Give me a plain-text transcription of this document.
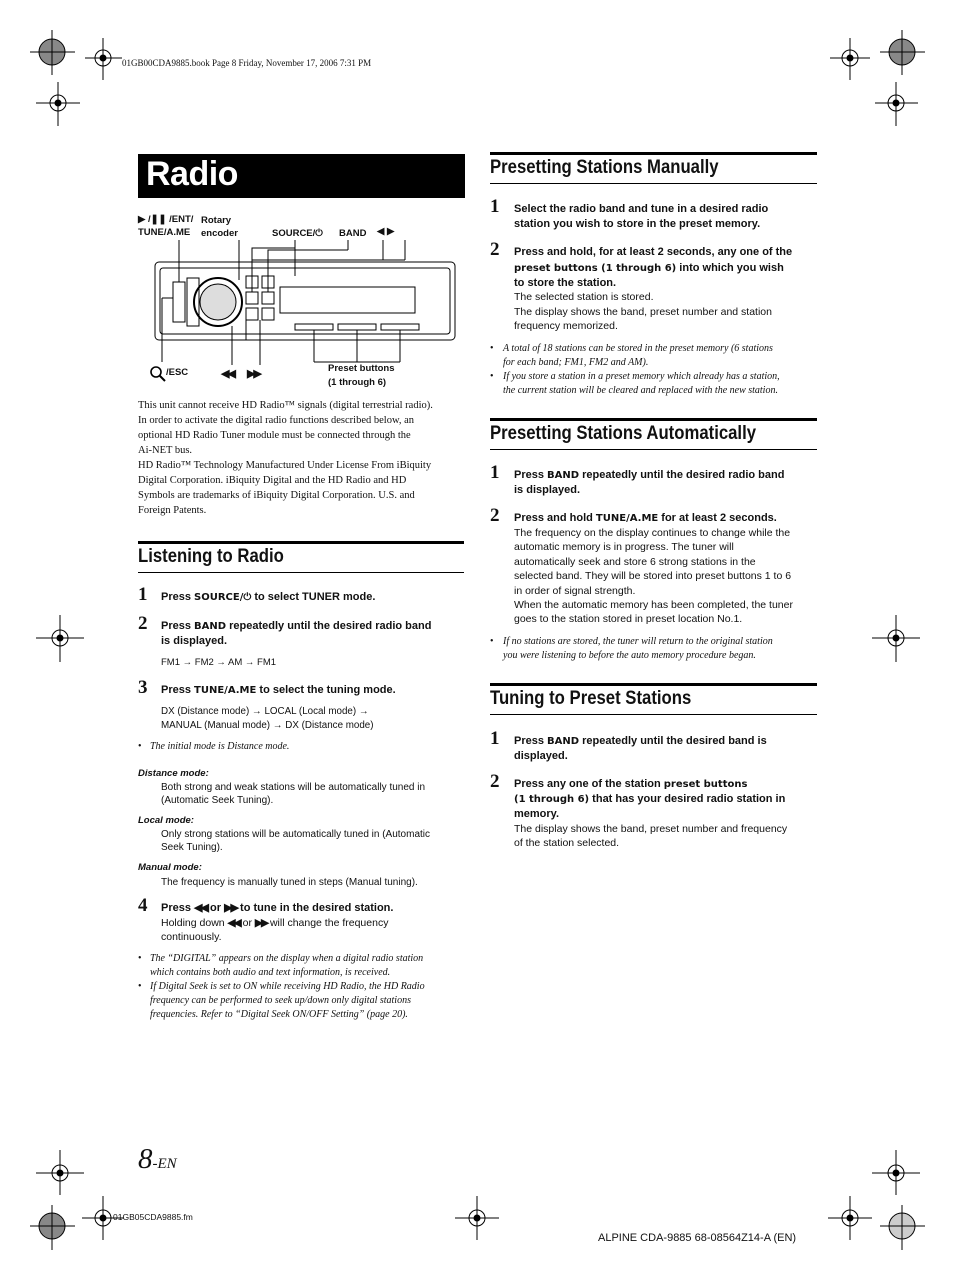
01GB00CDA9885.book Page 8 Friday, November 17, 2006 7:31 PM
Radio
▶ /❚❚ /ENT/
TUNE/A.ME
Rotary encoder	SOURCE/⏻ BAND ◀ ▶
/ESC	◀◀ ▶▶	Preset buttons
(1 through 6)
This unit cannot receive HD Radio™ signals (digital terrestrial radio).
In order to activate the digital radio functions described below, an
optional HD Radio Tuner module must be connected through the
Ai-NET bus.
HD Radio™ Technology Manufactured Under License From iBiquity
Digital Corporation. iBiquity Digital and the HD Radio and HD
Symbols are trademarks of iBiquity Digital Corporation. U.S. and
Foreign Patents.
Listening to Radio
1 Press SOURCE/⏻ to select TUNER mode.
2 Press BAND repeatedly until the desired radio band
is displayed.
FM1 → FM2 → AM → FM1
3 Press TUNE/A.ME to select the tuning mode.
DX (Distance mode) → LOCAL (Local mode) →
MANUAL (Manual mode) → DX (Distance mode)
• The initial mode is Distance mode.
Distance mode:
Both strong and weak stations will be automatically tuned in
(Automatic Seek Tuning).
Local mode:
Only strong stations will be automatically tuned in (Automatic
Seek Tuning).
Manual mode:
The frequency is manually tuned in steps (Manual tuning).
4 Press ◀◀ or ▶▶ to tune in the desired station.
Holding down ◀◀ or ▶▶ will change the frequency
continuously.
• The “DIGITAL” appears on the display when a digital radio station
which contains both audio and text information, is received.
• If Digital Seek is set to ON while receiving HD Radio, the HD Radio
frequency can be performed to seek up/down only digital stations
frequencies. Refer to “Digital Seek ON/OFF Setting” (page 20).
Presetting Stations Manually
1 Select the radio band and tune in a desired radio
station you wish to store in the preset memory.
2 Press and hold, for at least 2 seconds, any one of the
preset buttons (1 through 6) into which you wish
to store the station.
The selected station is stored.
The display shows the band, preset number and station
frequency memorized.
• A total of 18 stations can be stored in the preset memory (6 stations
for each band; FM1, FM2 and AM).
• If you store a station in a preset memory which already has a station,
the current station will be cleared and replaced with the new station.
Presetting Stations Automatically
1 Press BAND repeatedly until the desired radio band
is displayed.
2 Press and hold TUNE/A.ME for at least 2 seconds.
The frequency on the display continues to change while the
automatic memory is in progress. The tuner will
automatically seek and store 6 strong stations in the
selected band. They will be stored into preset buttons 1 to 6
in order of signal strength.
When the automatic memory has been completed, the tuner
goes to the station stored in preset location No.1.
• If no stations are stored, the tuner will return to the original station
you were listening to before the auto memory procedure began.
Tuning to Preset Stations
1 Press BAND repeatedly until the desired band is
displayed.
2 Press any one of the station preset buttons
(1 through 6) that has your desired radio station in
memory.
The display shows the band, preset number and frequency
of the station selected.
8-EN
01GB05CDA9885.fm
ALPINE CDA-9885 68-08564Z14-A (EN)
